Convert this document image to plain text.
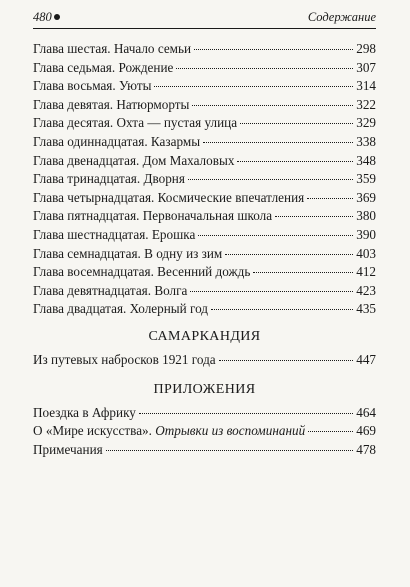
480	Содержание
Глава шестая. Начало семьи	298
Глава седьмая. Рождение	307
Глава восьмая. Уюты	314
Глава девятая. Натюрморты	322
Глава десятая. Охта — пустая улица	329
Глава одиннадцатая. Казармы	338
Глава двенадцатая. Дом Махаловых	348
Глава тринадцатая. Дворня	359
Глава четырнадцатая. Космические впечатления	369
Глава пятнадцатая. Первоначальная школа	380
Глава шестнадцатая. Ерошка	390
Глава семнадцатая. В одну из зим	403
Глава восемнадцатая. Весенний дождь	412
Глава девятнадцатая. Волга	423
Глава двадцатая. Холерный год	435
САМАРКАНДИЯ
Из путевых набросков 1921 года	447
ПРИЛОЖЕНИЯ
Поездка в Африку	464
О «Мире искусства». Отрывки из воспоминаний	469
Примечания	478
